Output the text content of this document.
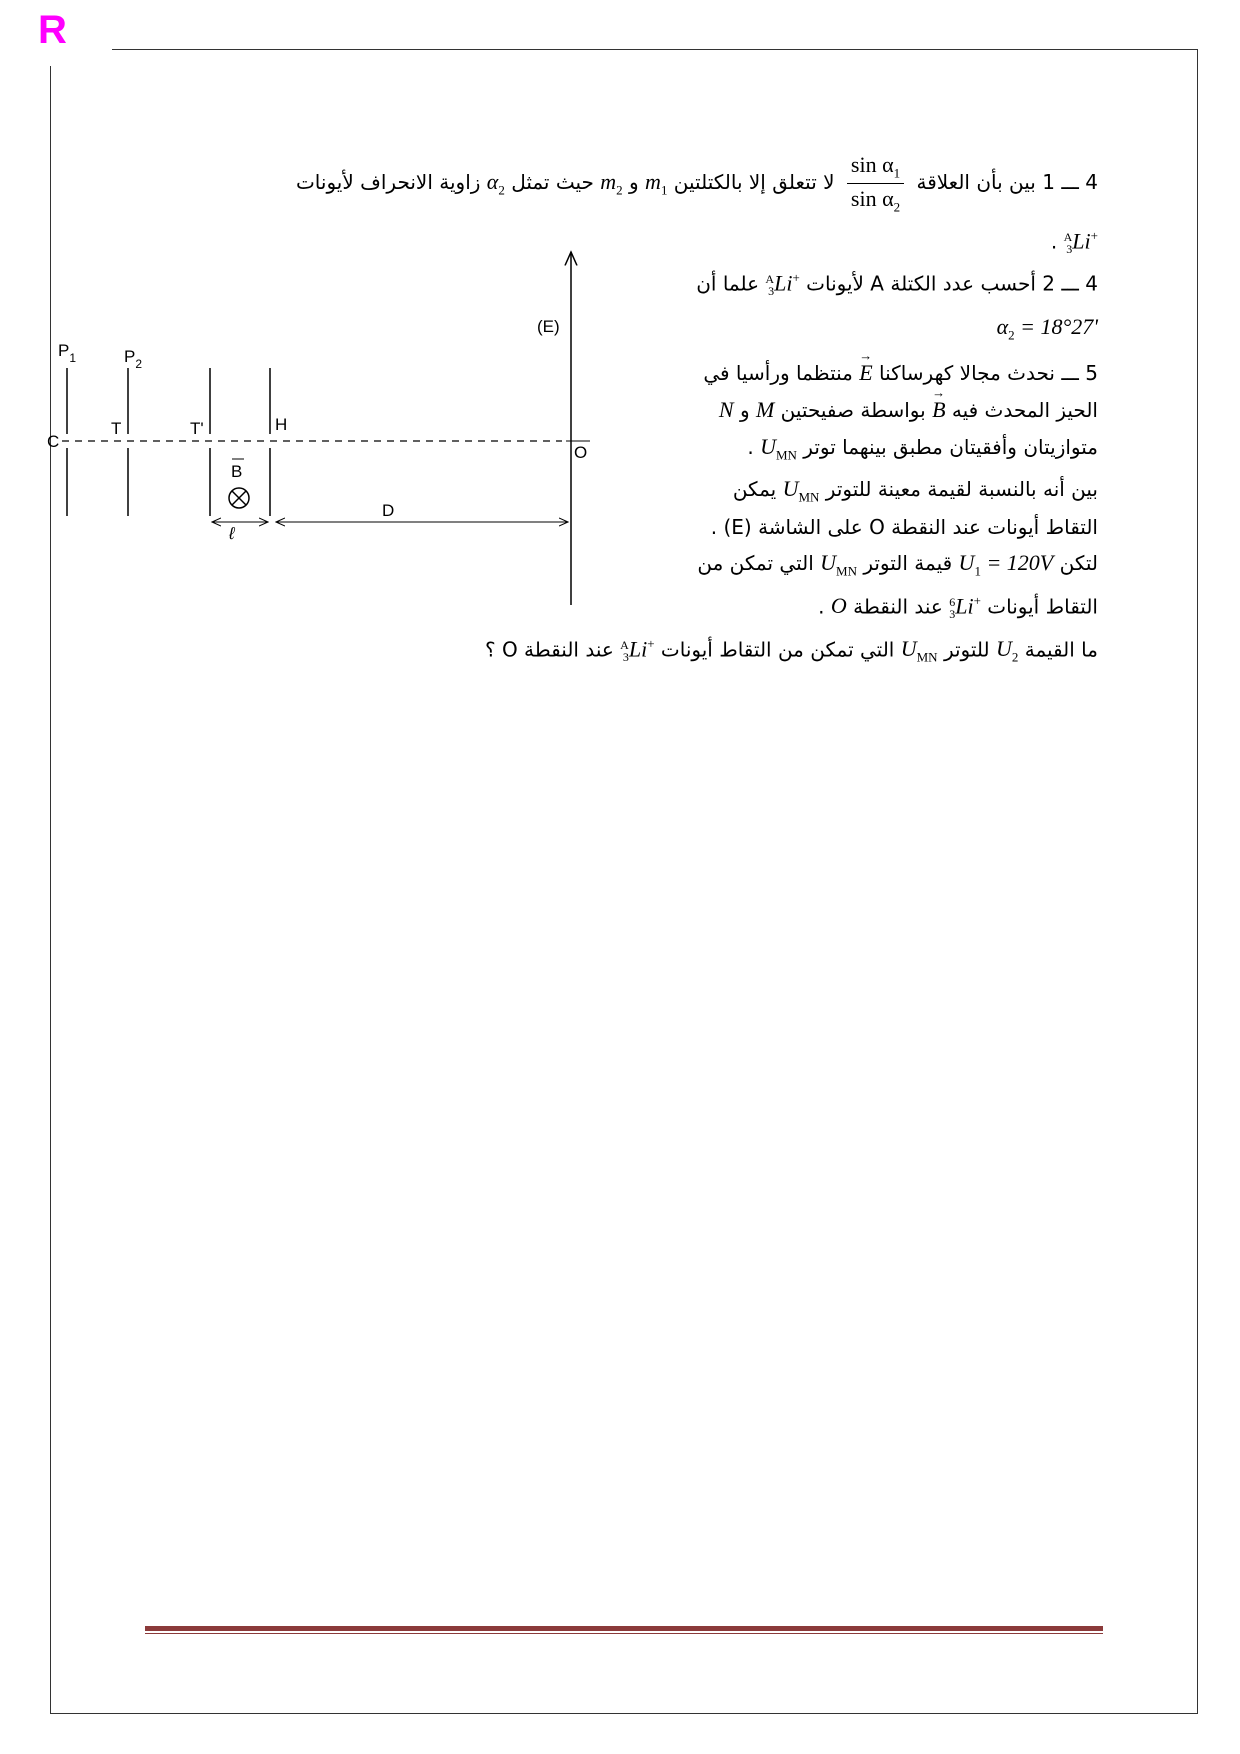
R
4 ـــ 1 بين بأن العلاقة
$\frac{\sin \alpha_1}{\sin \alpha_2}$
لا تتعلق إلا بالكتلتين $m_1$ و $m_2$ حيث تمثل $\alpha_2$ زاوية الانحراف لأيونات
A
3 Li+ .
4 ـــ 2 أحسب عدد الكتلة A لأيونات
A
3 Li+ علما أن
$\alpha_2 = 18^\circ 27'$
5 ـــ نحدث مجالا كهرساكنا → E منتظما ورأسيا في
الحيز المحدث فيه → B بواسطة صفيحتين M و N
متوازيتان وأفقيتان مطبق بينهما توتر $U_{MN}$ .
بين أنه بالنسبة لقيمة معينة للتوتر $U_{MN}$ يمكن
التقاط أيونات عند النقطة O على الشاشة (E) .
لتكن $U_1 = 120V$ قيمة التوتر $U_{MN}$ التي تمكن من
التقاط أيونات
6
3 Li+ عند النقطة O .
ما القيمة $U_2$ للتوتر $U_{MN}$ التي تمكن من التقاط أيونات
A
3 Li+ عند النقطة O ؟
(E)
O
$P_1$
C
$P_2$
T	T'	H
B
ℓ
D
